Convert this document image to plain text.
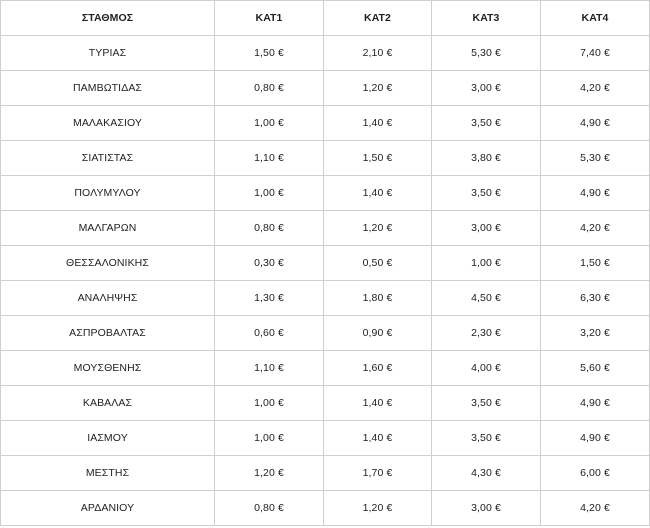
ΣΤΑΘΜΟΣ	ΚΑΤ1	ΚΑΤ2	ΚΑΤ3	ΚΑΤ4
ΤΥΡΙΑΣ	1,50 €	2,10 €	5,30 €	7,40 €
ΠΑΜΒΩΤΙΔΑΣ	0,80 €	1,20 €	3,00 €	4,20 €
ΜΑΛΑΚΑΣΙΟΥ	1,00 €	1,40 €	3,50 €	4,90 €
ΣΙΑΤΙΣΤΑΣ	1,10 €	1,50 €	3,80 €	5,30 €
ΠΟΛΥΜΥΛΟΥ	1,00 €	1,40 €	3,50 €	4,90 €
ΜΑΛΓΑΡΩΝ	0,80 €	1,20 €	3,00 €	4,20 €
ΘΕΣΣΑΛΟΝΙΚΗΣ	0,30 €	0,50 €	1,00 €	1,50 €
ΑΝΑΛΗΨΗΣ	1,30 €	1,80 €	4,50 €	6,30 €
ΑΣΠΡΟΒΑΛΤΑΣ	0,60 €	0,90 €	2,30 €	3,20 €
ΜΟΥΣΘΕΝΗΣ	1,10 €	1,60 €	4,00 €	5,60 €
ΚΑΒΑΛΑΣ	1,00 €	1,40 €	3,50 €	4,90 €
ΙΑΣΜΟΥ	1,00 €	1,40 €	3,50 €	4,90 €
ΜΕΣΤΗΣ	1,20 €	1,70 €	4,30 €	6,00 €
ΑΡΔΑΝΙΟΥ	0,80 €	1,20 €	3,00 €	4,20 €
